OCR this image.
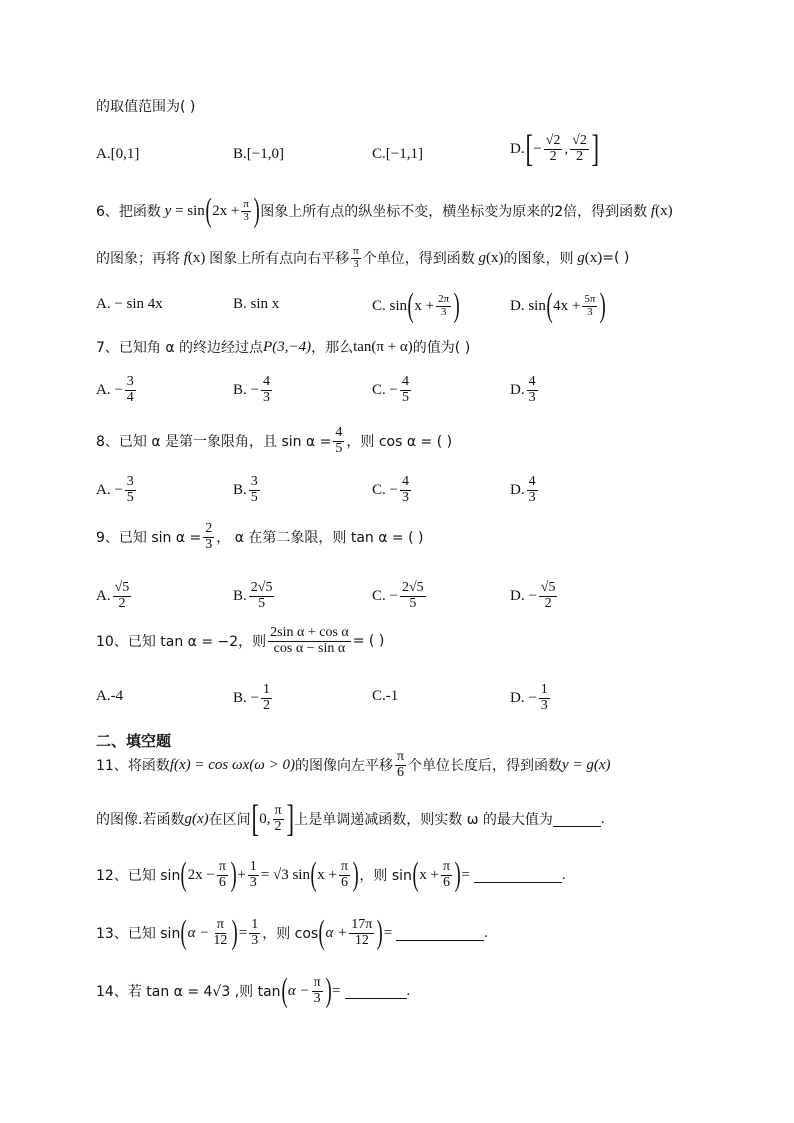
的取值范围为( )
A. [0,1]	B. [−1,0]	C. [−1,1]	D. [ − $\frac{√2}{2}$ , $\frac{√2}{2}$ ]
6、把函数 y = sin ( $2x + \frac{\pi}{3}$ ) 图象上所有点的纵坐标不变，横坐标变为原来的2倍，得到函数 f (x)
的图象；再将 f (x) 图象上所有点向右平移 $\frac{\pi}{3}$ 个单位，得到函数 g (x) 的图象，则 g (x) =( )
A. − sin 4x	B. sin x	C. sin ( $x + \frac{2\pi}{3}$ )	D. sin ( $4x + \frac{5\pi}{3}$ )
7、已知角 α 的终边经过点 P(3,−4) ，那么 tan(π + α) 的值为( )
A. − $\frac{3}{4}$	B. − $\frac{4}{3}$	C. − $\frac{4}{5}$	D. $\frac{4}{3}$
8、已知 α 是第一象限角，且 $\sin \alpha = \frac{4}{5}$ ，则 cos α = ( )
A. − $\frac{3}{5}$	B. $\frac{3}{5}$	C. − $\frac{4}{3}$	D. $\frac{4}{3}$
9、已知 $\sin \alpha = \frac{2}{3}$ ， α 在第二象限，则 tan α = ( )
A. $\frac{√5}{2}$	B. $\frac{2√5}{5}$	C. − $\frac{2√5}{5}$	D. − $\frac{√5}{2}$
10、已知 tan α = −2，则 $\frac{\text{2sin α + cos α}}{\text{cos α − sin α}}$ = ( )
A.-4	B. − $\frac{1}{2}$	C.-1	D. − $\frac{1}{3}$
二、填空题
11、将函数 f(x) = cos ωx(ω > 0) 的图像向左平移 $\frac{\pi}{6}$ 个单位长度后，得到函数 y = g(x)
的图像.若函数 g(x) 在区间 [ 0, $\frac{\pi}{2}$ ] 上是单调递减函数，则实数 ω 的最大值为	.
12、已知 sin ( $2x - \frac{\pi}{6}$ ) + $\frac{1}{3} = √3$ sin ( $x + \frac{\pi}{6}$ ) ，则 sin ( $x + \frac{\pi}{6}$ ) =	.
13、已知 sin ( $\alpha - \frac{\pi}{12}$ ) = $\frac{1}{3}$ ，则 cos ( $\alpha + \frac{17\pi}{12}$ ) =	.
14、若 tan α = 4√3 ,则 tan ( $\alpha - \frac{\pi}{3}$ ) =	.
